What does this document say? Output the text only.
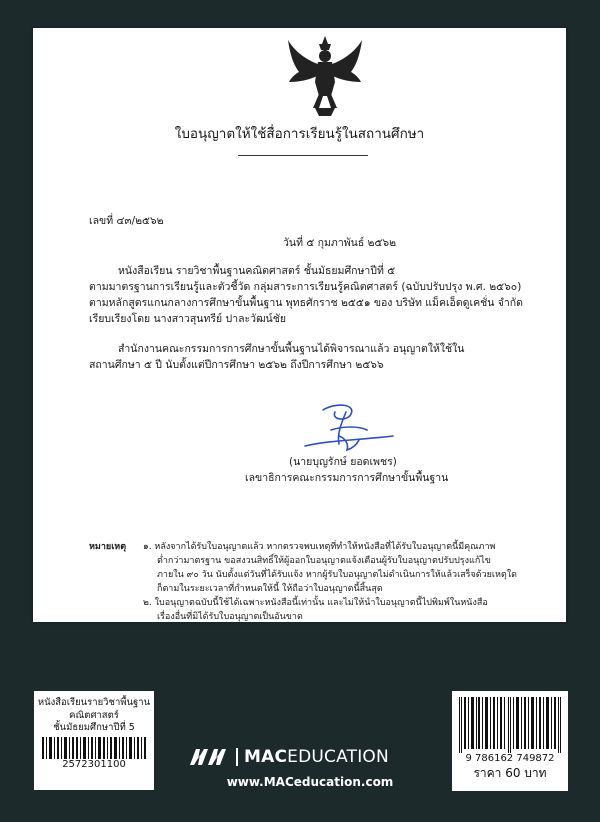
ใบอนุญาตให้ใช้สื่อการเรียนรู้ในสถานศึกษา
เลขที่ ๔๓/๒๕๖๒
วันที่ ๕ กุมภาพันธ์ ๒๕๖๒
หนังสือเรียน รายวิชาพื้นฐานคณิตศาสตร์ ชั้นมัธยมศึกษาปีที่ ๕
ตามมาตรฐานการเรียนรู้และตัวชี้วัด กลุ่มสาระการเรียนรู้คณิตศาสตร์ (ฉบับปรับปรุง พ.ศ. ๒๕๖๐)
ตามหลักสูตรแกนกลางการศึกษาขั้นพื้นฐาน พุทธศักราช ๒๕๕๑ ของ บริษัท แม็คเอ็ดดูเคชั่น จำกัด
เรียบเรียงโดย นางสาวสุนทรีย์ ปาละวัฒน์ชัย
สำนักงานคณะกรรมการการศึกษาขั้นพื้นฐานได้พิจารณาแล้ว อนุญาตให้ใช้ใน
สถานศึกษา ๕ ปี นับตั้งแต่ปีการศึกษา ๒๕๖๒ ถึงปีการศึกษา ๒๕๖๖
(นายบุญรักษ์ ยอดเพชร)
เลขาธิการคณะกรรมการการศึกษาขั้นพื้นฐาน
หมายเหตุ ๑. หลังจากได้รับใบอนุญาตแล้ว หากตรวจพบเหตุที่ทำให้หนังสือที่ได้รับใบอนุญาตนี้มีคุณภาพ
ต่ำกว่ามาตรฐาน ขอสงวนสิทธิ์ให้ผู้ออกใบอนุญาตแจ้งเตือนผู้รับใบอนุญาตปรับปรุงแก้ไข
ภายใน ๙๐ วัน นับตั้งแต่วันที่ได้รับแจ้ง หากผู้รับใบอนุญาตไม่ดำเนินการให้แล้วเสร็จด้วยเหตุใด
ก็ตามในระยะเวลาที่กำหนดให้นี้ ให้ถือว่าใบอนุญาตนี้สิ้นสุด
๒. ใบอนุญาตฉบับนี้ใช้ได้เฉพาะหนังสือนี้เท่านั้น และไม่ให้นำใบอนุญาตนี้ไปพิมพ์ในหนังสือ
เรื่องอื่นที่มิได้รับใบอนุญาตเป็นอันขาด
หนังสือเรียนรายวิชาพื้นฐาน
คณิตศาสตร์
ชั้นมัธยมศึกษาปีที่ 5
2572301100	MACEDUCATION
www.MACeducation.com
9 786162 749872
ราคา 60 บาท
